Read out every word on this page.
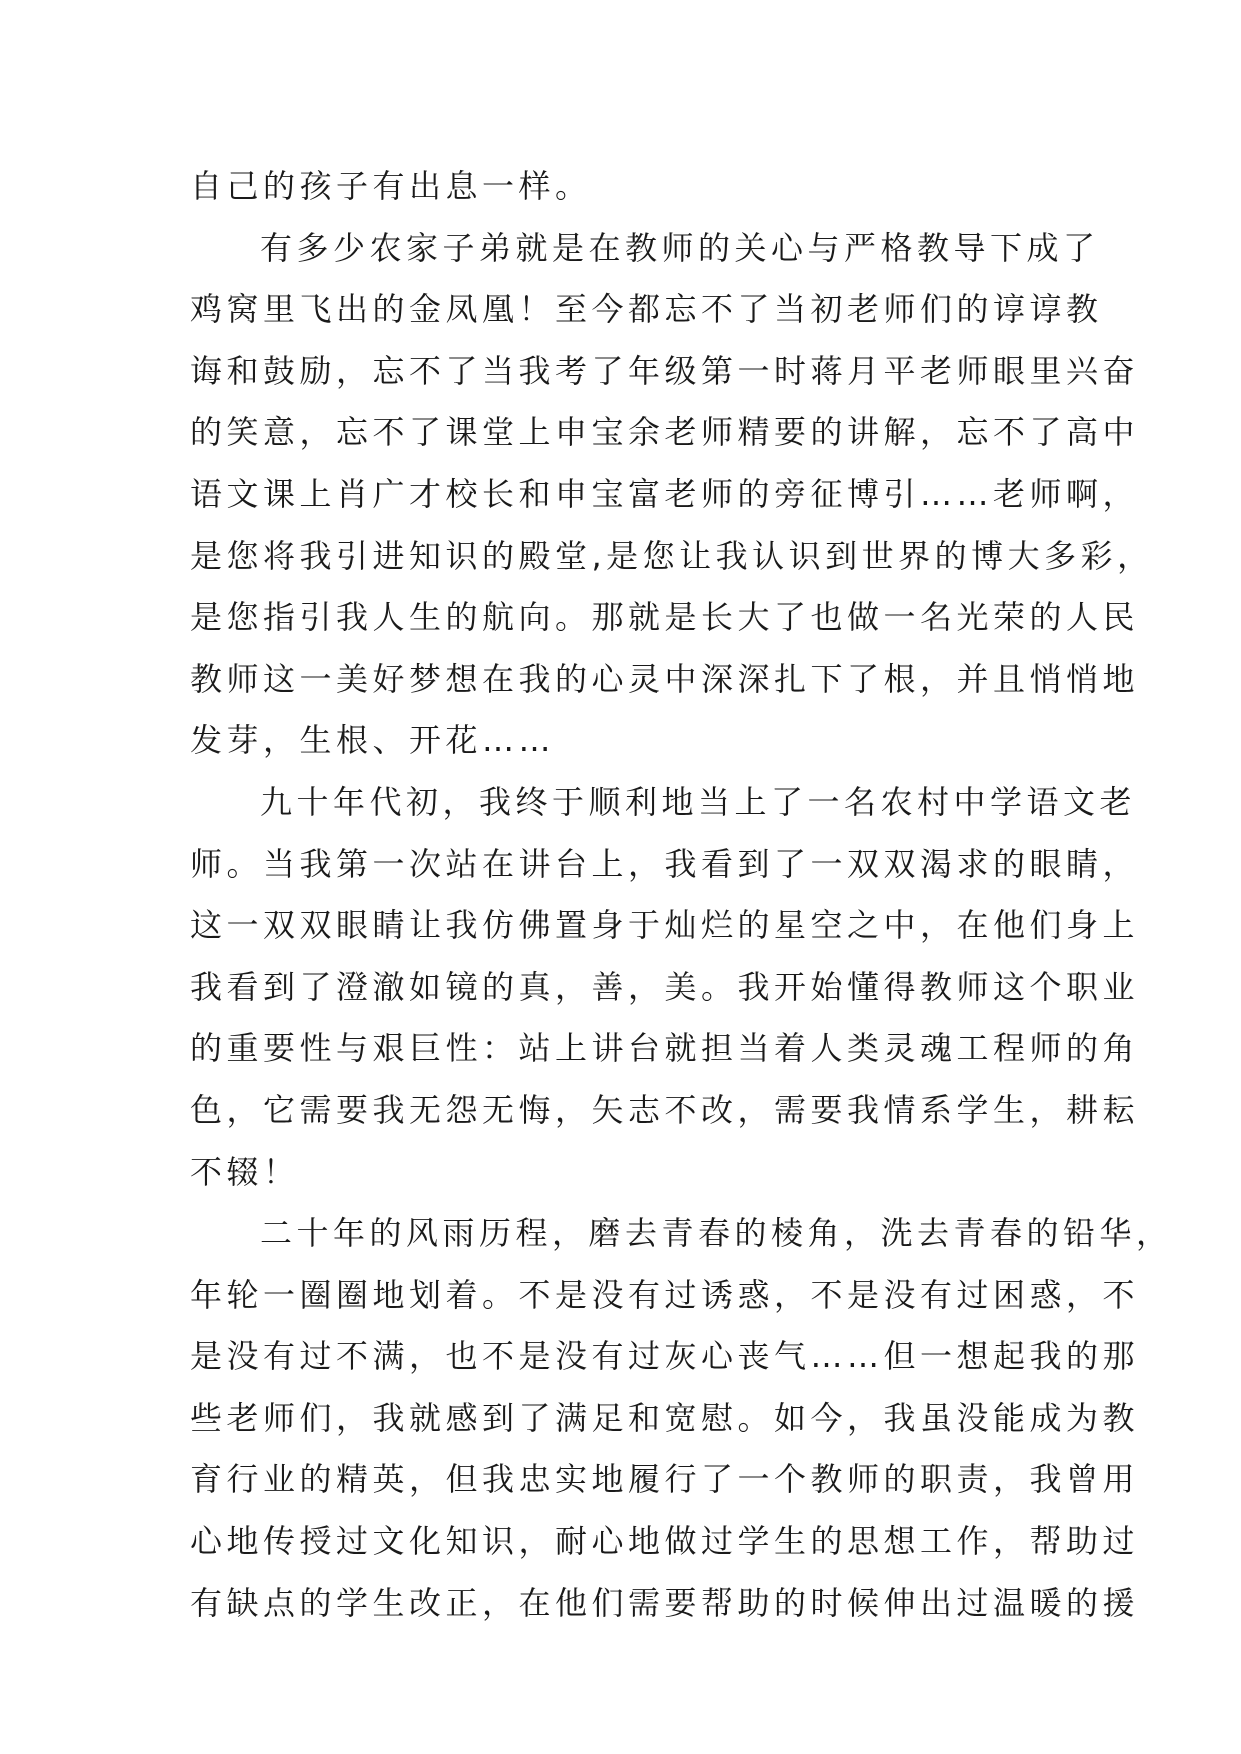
自己的孩子有出息一样。
有多少农家子弟就是在教师的关心与严格教导下成了
鸡窝里飞出的金凤凰！至今都忘不了当初老师们的谆谆教
诲和鼓励，忘不了当我考了年级第一时蒋月平老师眼里兴奋
的笑意，忘不了课堂上申宝余老师精要的讲解，忘不了高中
语文课上肖广才校长和申宝富老师的旁征博引……老师啊，
是您将我引进知识的殿堂,是您让我认识到世界的博大多彩，
是您指引我人生的航向。那就是长大了也做一名光荣的人民
教师这一美好梦想在我的心灵中深深扎下了根，并且悄悄地
发芽，生根、开花……
九十年代初，我终于顺利地当上了一名农村中学语文老
师。当我第一次站在讲台上，我看到了一双双渴求的眼睛，
这一双双眼睛让我仿佛置身于灿烂的星空之中，在他们身上
我看到了澄澈如镜的真，善，美。我开始懂得教师这个职业
的重要性与艰巨性：站上讲台就担当着人类灵魂工程师的角
色，它需要我无怨无悔，矢志不改，需要我情系学生，耕耘
不辍！
二十年的风雨历程，磨去青春的棱角，洗去青春的铅华，
年轮一圈圈地划着。不是没有过诱惑，不是没有过困惑，不
是没有过不满，也不是没有过灰心丧气……但一想起我的那
些老师们，我就感到了满足和宽慰。如今，我虽没能成为教
育行业的精英，但我忠实地履行了一个教师的职责，我曾用
心地传授过文化知识，耐心地做过学生的思想工作，帮助过
有缺点的学生改正，在他们需要帮助的时候伸出过温暖的援
